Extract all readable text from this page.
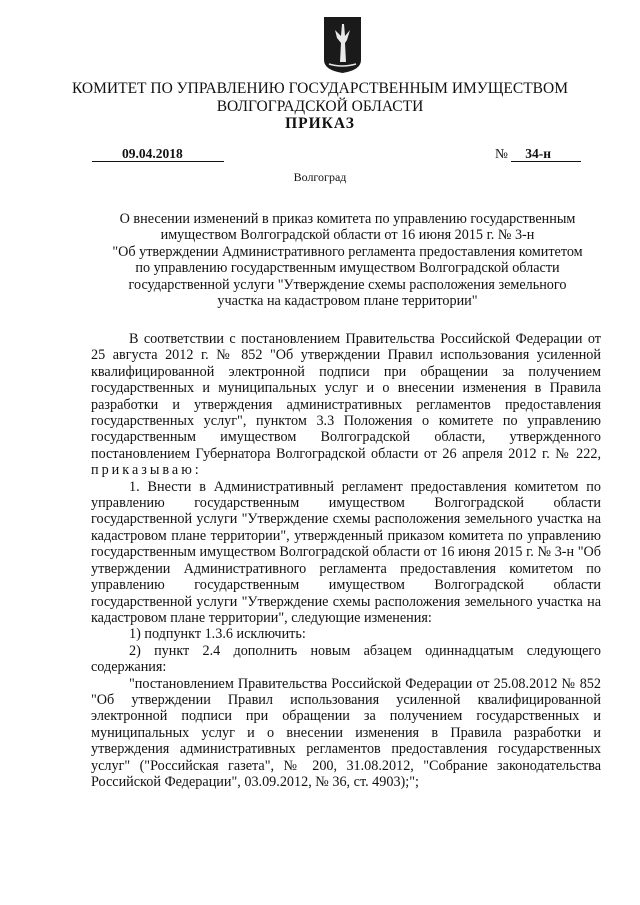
КОМИТЕТ ПО УПРАВЛЕНИЮ ГОСУДАРСТВЕННЫМ ИМУЩЕСТВОМ
ВОЛГОГРАДСКОЙ ОБЛАСТИ
ПРИКАЗ
09.04.2018	№ 34-н
Волгоград
О внесении изменений в приказ комитета по управлению государственным
имуществом Волгоградской области от 16 июня 2015 г. № 3-н
"Об утверждении Административного регламента предоставления комитетом
по управлению государственным имуществом Волгоградской области
государственной услуги "Утверждение схемы расположения земельного
участка на кадастровом плане территории"

В соответствии с постановлением Правительства Российской Федерации от 25 августа 2012 г. № 852 "Об утверждении Правил использования усиленной квалифицированной электронной подписи при обращении за получением государственных и муниципальных услуг и о внесении изменения в Правила разработки и утверждения административных регламентов предоставления государственных услуг", пунктом 3.3 Положения о комитете по управлению государственным имуществом Волгоградской области, утвержденного постановлением Губернатора Волгоградской области от 26 апреля 2012 г. № 222, приказываю:

1. Внести в Административный регламент предоставления комитетом по управлению государственным имуществом Волгоградской области государственной услуги "Утверждение схемы расположения земельного участка на кадастровом плане территории", утвержденный приказом комитета по управлению государственным имуществом Волгоградской области от 16 июня 2015 г. № 3-н "Об утверждении Административного регламента предоставления комитетом по управлению государственным имуществом Волгоградской области государственной услуги "Утверждение схемы расположения земельного участка на кадастровом плане территории", следующие изменения:

1) подпункт 1.3.6 исключить:

2) пункт 2.4 дополнить новым абзацем одиннадцатым следующего содержания:

"постановлением Правительства Российской Федерации от 25.08.2012 № 852 "Об утверждении Правил использования усиленной квалифицированной электронной подписи при обращении за получением государственных и муниципальных услуг и о внесении изменения в Правила разработки и утверждения административных регламентов предоставления государственных услуг" ("Российская газета", № 200, 31.08.2012, "Собрание законодательства Российской Федерации", 03.09.2012, № 36, ст. 4903);";
